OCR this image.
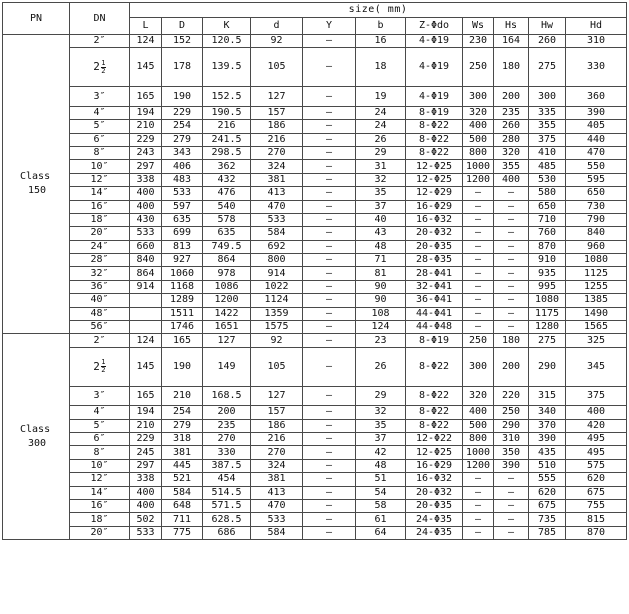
PN	DN	size( mm)										
		L	D	K	d	Y	b	Z-Φdo	Ws	Hs	Hw	Hd

Class
150	2″	124	152	120.5	92	–	16	4-Φ19	230	164	260	310
	$2 \frac{1}{2}$	145	178	139.5	105	–	18	4-Φ19	250	180	275	330
	3″	165	190	152.5	127	–	19	4-Φ19	300	200	300	360
	4″	194	229	190.5	157	–	24	8-Φ19	320	235	335	390
	5″	210	254	216	186	–	24	8-Φ22	400	260	355	405
	6″	229	279	241.5	216	–	26	8-Φ22	500	280	375	440
	8″	243	343	298.5	270	–	29	8-Φ22	800	320	410	470
	10″	297	406	362	324	–	31	12-Φ25	1000	355	485	550
	12″	338	483	432	381	–	32	12-Φ25	1200	400	530	595
	14″	400	533	476	413	–	35	12-Φ29	–	–	580	650
	16″	400	597	540	470	–	37	16-Φ29	–	–	650	730
	18″	430	635	578	533	–	40	16-Φ32	–	–	710	790
	20″	533	699	635	584	–	43	20-Φ32	–	–	760	840
	24″	660	813	749.5	692	–	48	20-Φ35	–	–	870	960
	28″	840	927	864	800	–	71	28-Φ35	–	–	910	1080
	32″	864	1060	978	914	–	81	28-Φ41	–	–	935	1125
	36″	914	1168	1086	1022	–	90	32-Φ41	–	–	995	1255
	40″		1289	1200	1124	–	90	36-Φ41	–	–	1080	1385
	48″		1511	1422	1359	–	108	44-Φ41	–	–	1175	1490
	56″		1746	1651	1575	–	124	44-Φ48	–	–	1280	1565

Class
300	2″	124	165	127	92	–	23	8-Φ19	250	180	275	325
	$2 \frac{1}{2}$	145	190	149	105	–	26	8-Φ22	300	200	290	345
	3″	165	210	168.5	127	–	29	8-Φ22	320	220	315	375
	4″	194	254	200	157	–	32	8-Φ22	400	250	340	400
	5″	210	279	235	186	–	35	8-Φ22	500	290	370	420
	6″	229	318	270	216	–	37	12-Φ22	800	310	390	495
	8″	245	381	330	270	–	42	12-Φ25	1000	350	435	495
	10″	297	445	387.5	324	–	48	16-Φ29	1200	390	510	575
	12″	338	521	454	381	–	51	16-Φ32	–	–	555	620
	14″	400	584	514.5	413	–	54	20-Φ32	–	–	620	675
	16″	400	648	571.5	470	–	58	20-Φ35	–	–	675	755
	18″	502	711	628.5	533	–	61	24-Φ35	–	–	735	815
	20″	533	775	686	584	–	64	24-Φ35	–	–	785	870
